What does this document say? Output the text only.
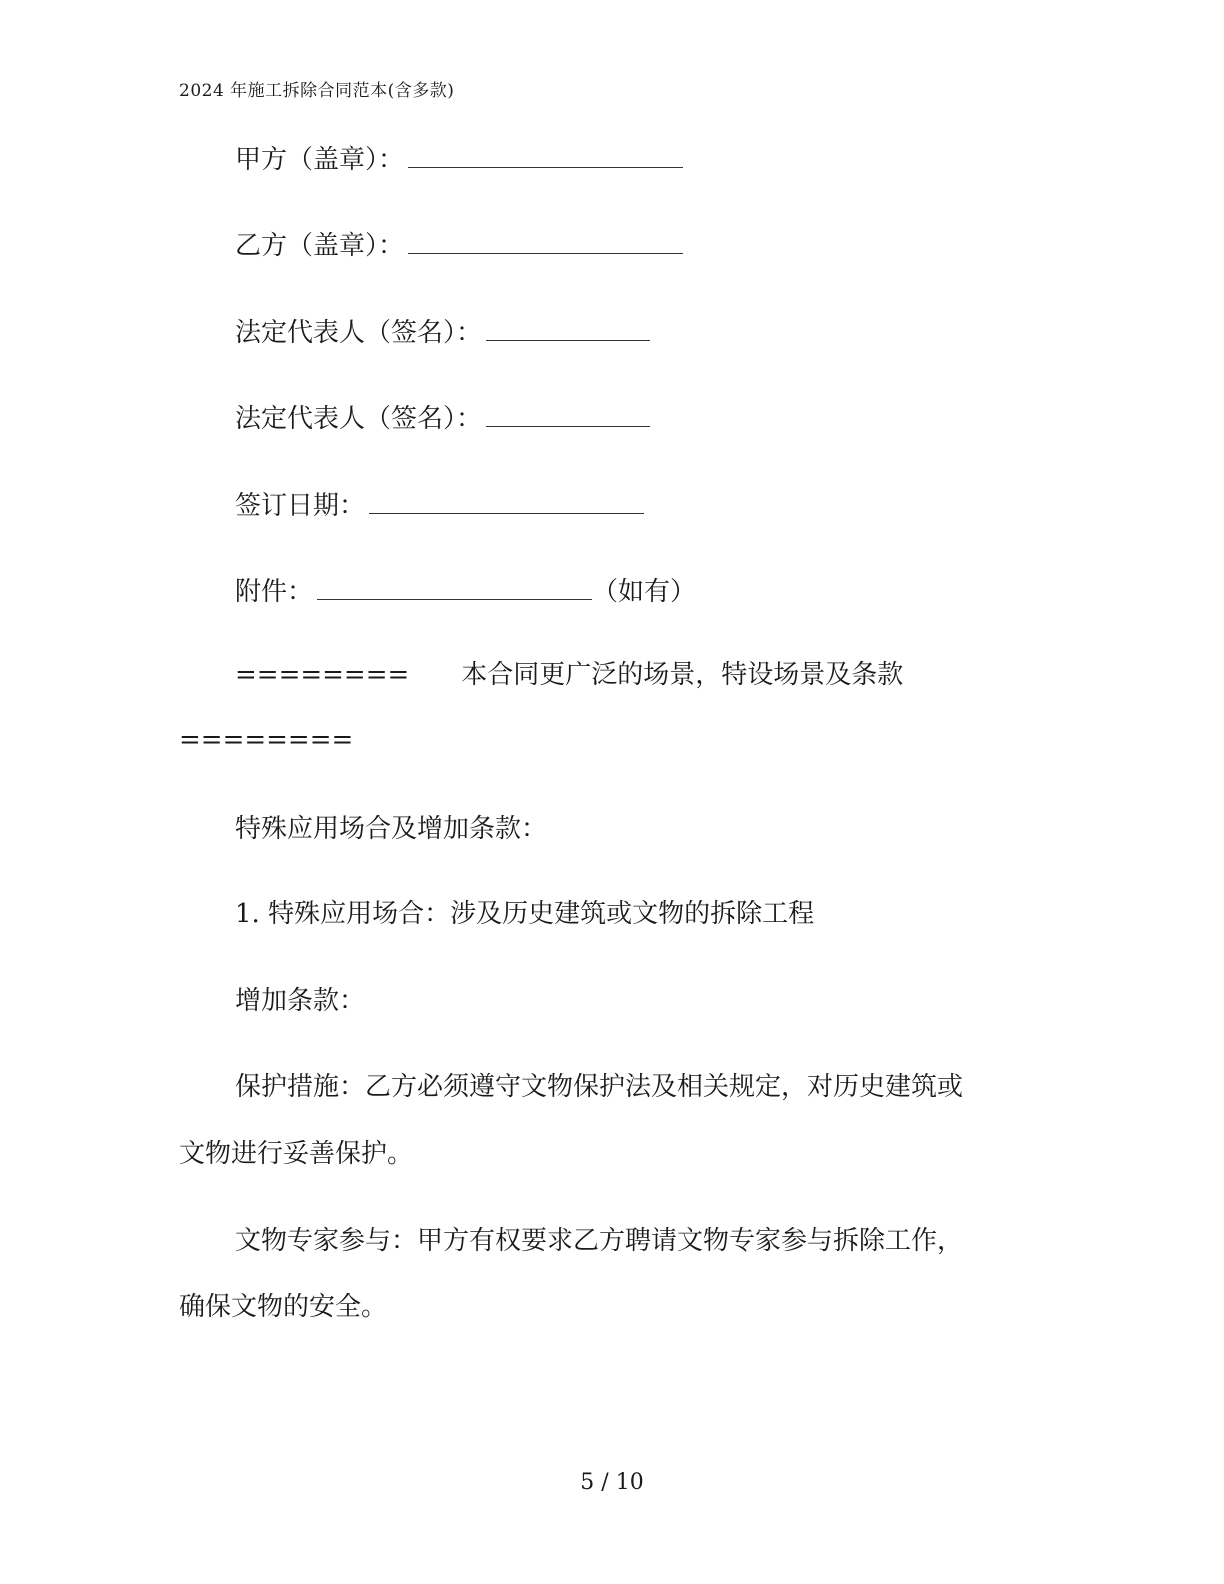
2024 年施工拆除合同范本(含多款)
甲方（盖章）：
乙方（盖章）：
法定代表人（签名）：
法定代表人（签名）：
签订日期：
附件：	（如有）
======== 本合同更广泛的场景，特设场景及条款
========
特殊应用场合及增加条款：
1. 特殊应用场合：涉及历史建筑或文物的拆除工程
增加条款：
保护措施：乙方必须遵守文物保护法及相关规定，对历史建筑或
文物进行妥善保护。
文物专家参与：甲方有权要求乙方聘请文物专家参与拆除工作，
确保文物的安全。
5 / 10
